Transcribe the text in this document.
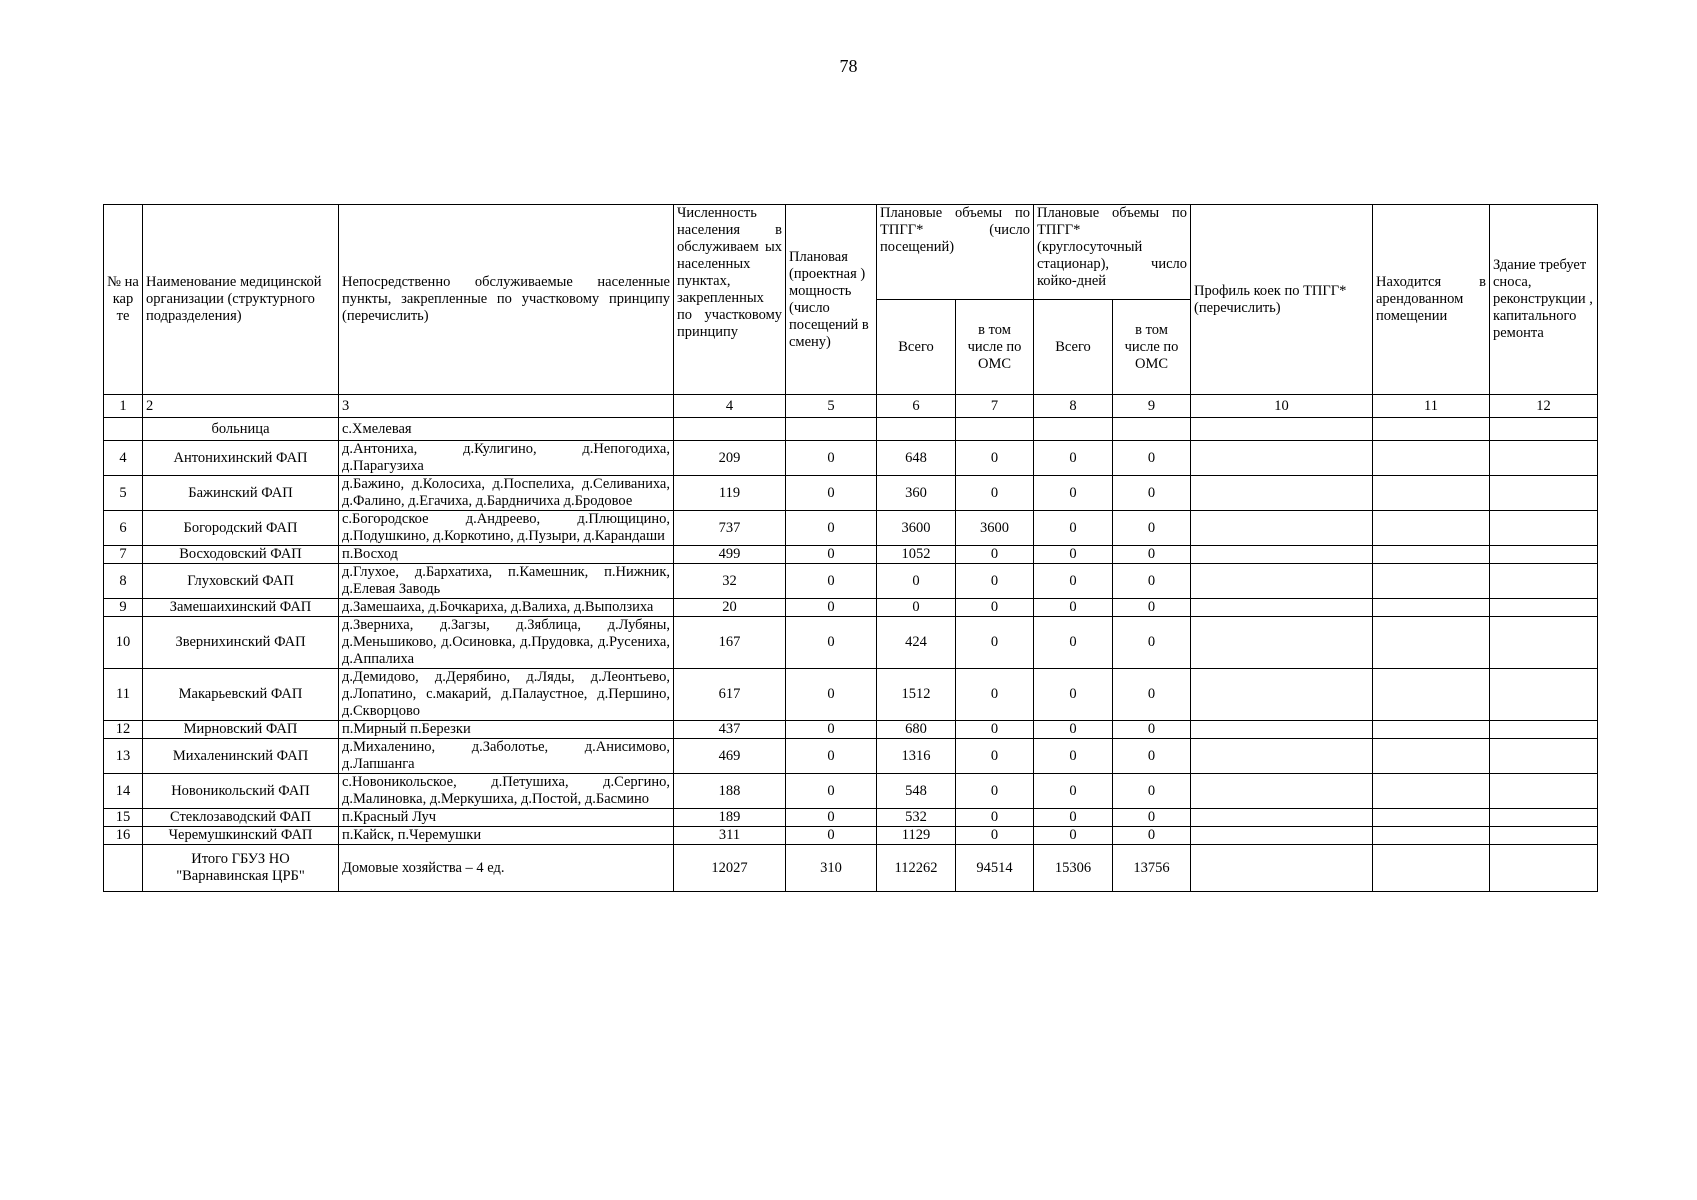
78
№ на кар те	Наименование медицинской организации (структурного подразделения)	Непосредственно обслуживаемые населенные пункты, закрепленные по участковому принципу (перечислить)	Численность населения в обслуживаем ых населенных пунктах, закрепленных по участковому принципу	Плановая (проектная ) мощность (число посещений в смену)	Плановые объемы по ТПГГ* (число посещений)		Плановые объемы по ТПГГ* (круглосуточный стационар), число койко-дней		Профиль коек по ТПГГ* (перечислить)	Находится в арендованном помещении	Здание требует сноса, реконструкции , капитального ремонта
					Всего	в том числе по ОМС	Всего	в том числе по ОМС			
1	2	3	4	5	6	7	8	9	10	11	12
	больница	с.Хмелевая									
4	Антонихинский ФАП	д.Антониха, д.Кулигино, д.Непогодиха, д.Парагузиха	209	0	648	0	0	0			
5	Бажинский ФАП	д.Бажино, д.Колосиха, д.Поспелиха, д.Селиваниха, д.Фалино, д.Егачиха, д.Бардничиха д.Бродовое	119	0	360	0	0	0			
6	Богородский ФАП	с.Богородское д.Андреево, д.Плющицино, д.Подушкино, д.Коркотино, д.Пузыри, д.Карандаши	737	0	3600	3600	0	0			
7	Восходовский ФАП	п.Восход	499	0	1052	0	0	0			
8	Глуховский ФАП	д.Глухое, д.Бархатиха, п.Камешник, п.Нижник, д.Елевая Заводь	32	0	0	0	0	0			
9	Замешаихинский ФАП	д.Замешаиха, д.Бочкариха, д.Валиха, д.Выползиха	20	0	0	0	0	0			
10	Звернихинский ФАП	д.Зверниха, д.Загзы, д.Зяблица, д.Лубяны, д.Меньшиково, д.Осиновка, д.Прудовка, д.Русениха, д.Аппалиха	167	0	424	0	0	0			
11	Макарьевский ФАП	д.Демидово, д.Дерябино, д.Ляды, д.Леонтьево, д.Лопатино, с.макарий, д.Палаустное, д.Першино, д.Скворцово	617	0	1512	0	0	0			
12	Мирновский ФАП	п.Мирный п.Березки	437	0	680	0	0	0			
13	Михаленинский ФАП	д.Михаленино, д.Заболотье, д.Анисимово, д.Лапшанга	469	0	1316	0	0	0			
14	Новоникольский ФАП	с.Новоникольское, д.Петушиха, д.Сергино, д.Малиновка, д.Меркушиха, д.Постой, д.Басмино	188	0	548	0	0	0			
15	Стеклозаводский ФАП	п.Красный Луч	189	0	532	0	0	0			
16	Черемушкинский ФАП	п.Кайск, п.Черемушки	311	0	1129	0	0	0			
	Итого ГБУЗ НО "Варнавинская ЦРБ"	Домовые хозяйства – 4 ед.	12027	310	112262	94514	15306	13756			
